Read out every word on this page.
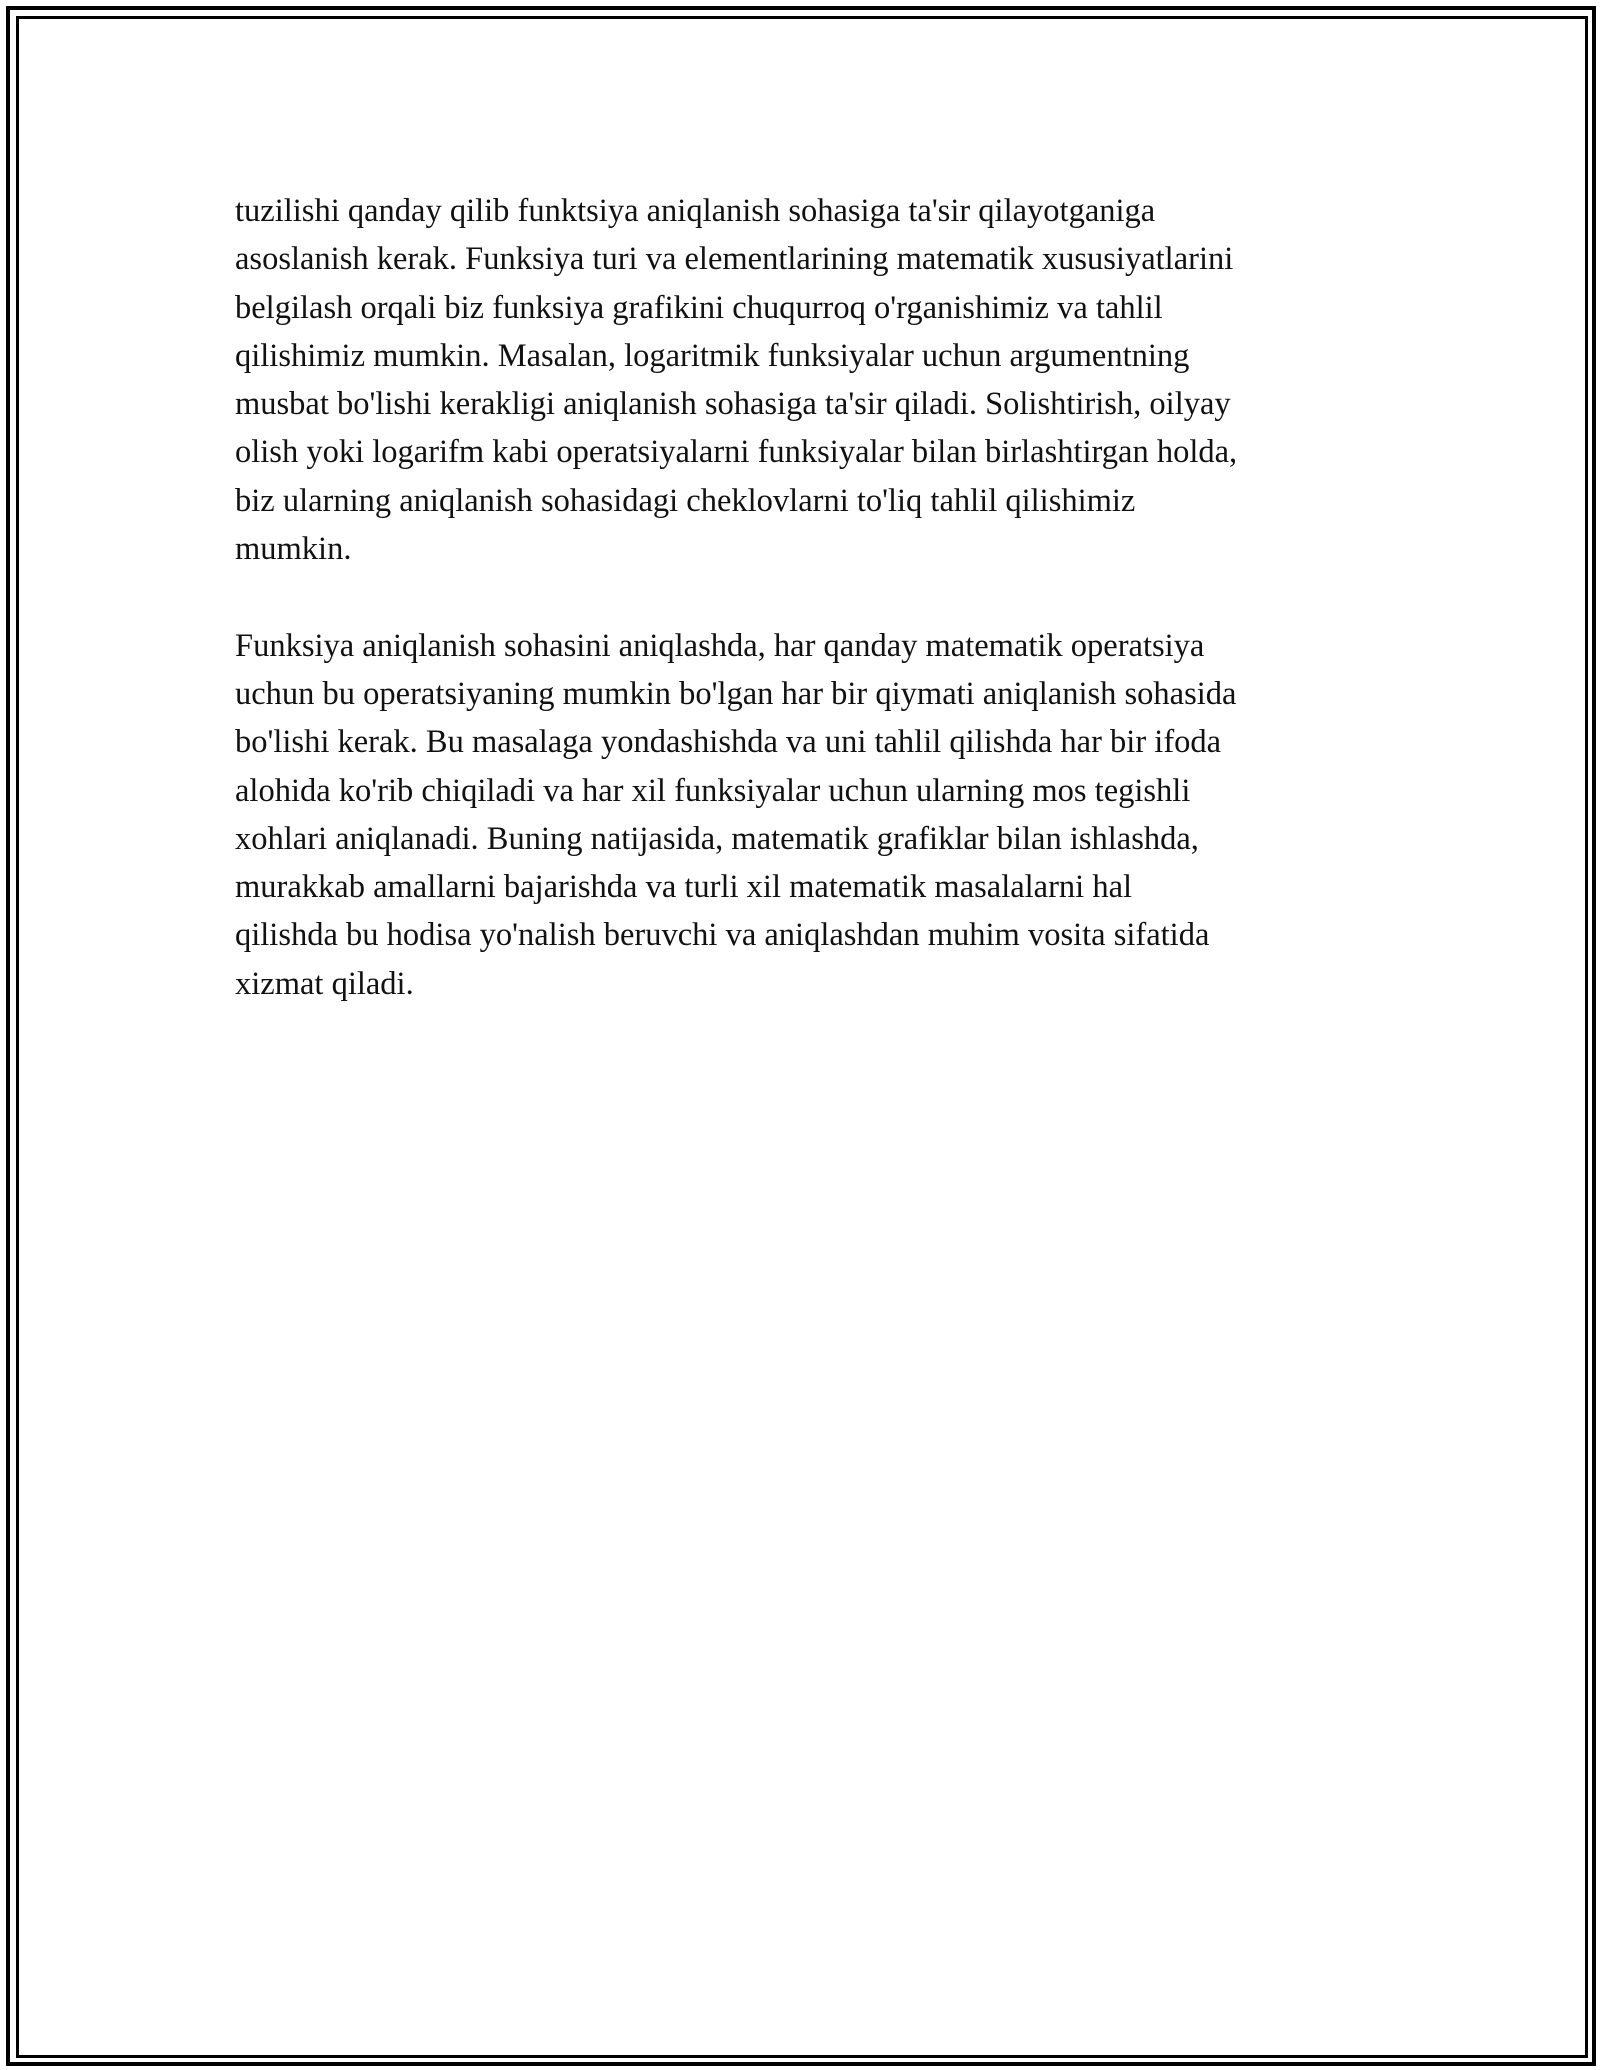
tuzilishi qanday qilib funktsiya aniqlanish sohasiga ta'sir qilayotganiga
asoslanish kerak. Funksiya turi va elementlarining matematik xususiyatlarini
belgilash orqali biz funksiya grafikini chuqurroq o'rganishimiz va tahlil
qilishimiz mumkin. Masalan, logaritmik funksiyalar uchun argumentning
musbat bo'lishi kerakligi aniqlanish sohasiga ta'sir qiladi. Solishtirish, oilyay
olish yoki logarifm kabi operatsiyalarni funksiyalar bilan birlashtirgan holda,
biz ularning aniqlanish sohasidagi cheklovlarni to'liq tahlil qilishimiz
mumkin.

Funksiya aniqlanish sohasini aniqlashda, har qanday matematik operatsiya
uchun bu operatsiyaning mumkin bo'lgan har bir qiymati aniqlanish sohasida
bo'lishi kerak. Bu masalaga yondashishda va uni tahlil qilishda har bir ifoda
alohida ko'rib chiqiladi va har xil funksiyalar uchun ularning mos tegishli
xohlari aniqlanadi. Buning natijasida, matematik grafiklar bilan ishlashda,
murakkab amallarni bajarishda va turli xil matematik masalalarni hal
qilishda bu hodisa yo'nalish beruvchi va aniqlashdan muhim vosita sifatida
xizmat qiladi.
